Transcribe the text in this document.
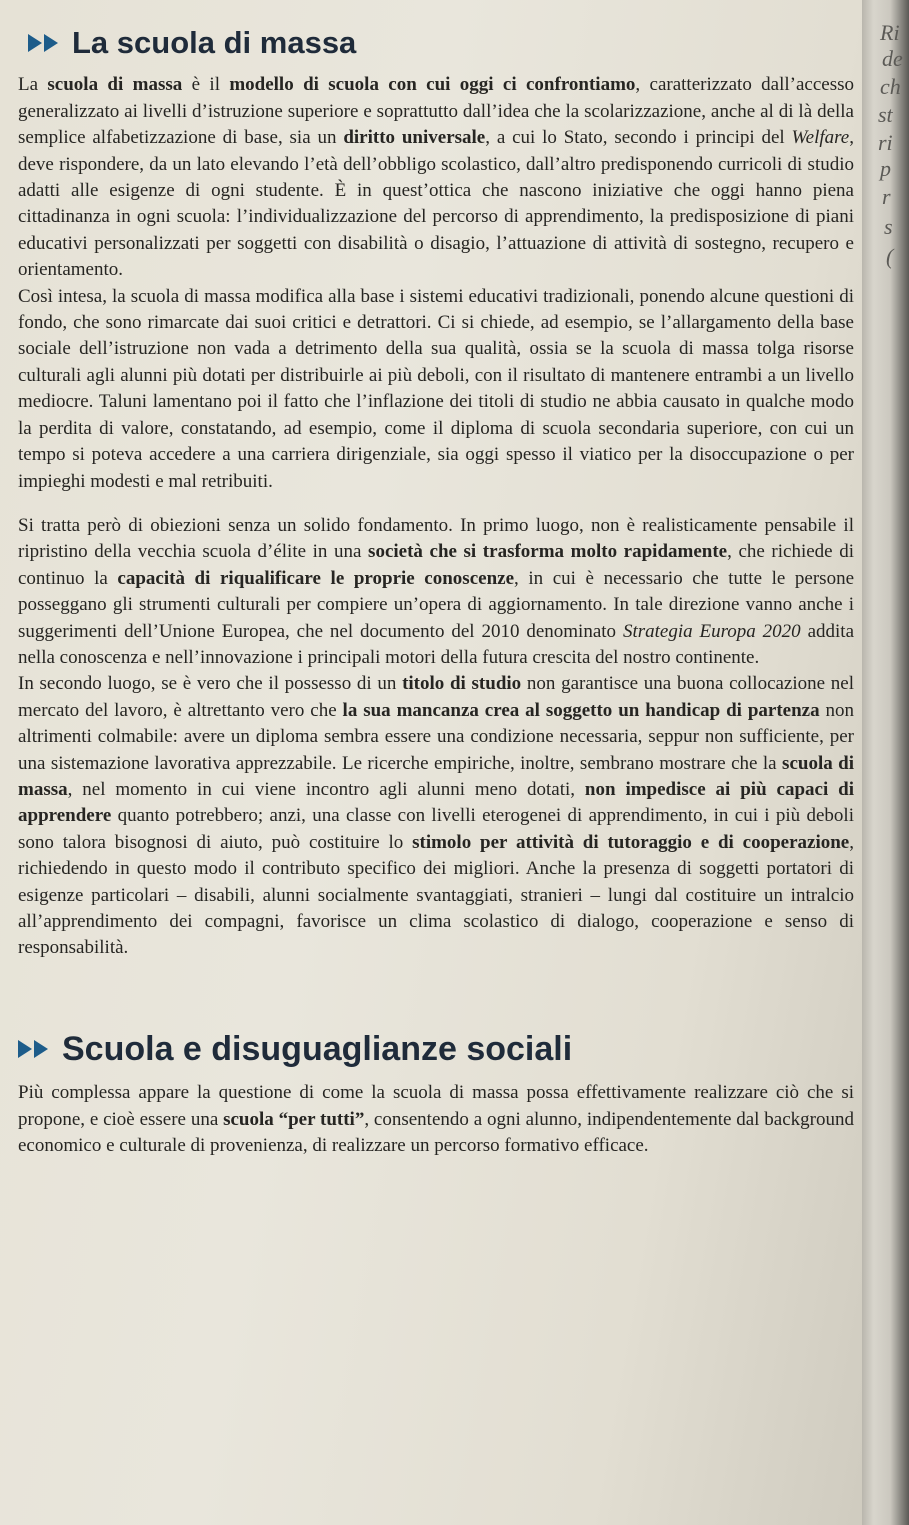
La scuola di massa

La scuola di massa è il modello di scuola con cui oggi ci confrontiamo, caratterizzato dall’accesso generalizzato ai livelli d’istruzione superiore e soprattutto dall’idea che la scolarizzazione, anche al di là della semplice alfabetizzazione di base, sia un diritto universale, a cui lo Stato, secondo i principi del Welfare, deve rispondere, da un lato elevando l’età dell’obbligo scolastico, dall’altro predisponendo curricoli di studio adatti alle esigenze di ogni studente. È in quest’ottica che nascono iniziative che oggi hanno piena cittadinanza in ogni scuola: l’individualizzazione del percorso di apprendimento, la predisposizione di piani educativi personalizzati per soggetti con disabilità o disagio, l’attuazione di attività di sostegno, recupero e orientamento.

Così intesa, la scuola di massa modifica alla base i sistemi educativi tradizionali, ponendo alcune questioni di fondo, che sono rimarcate dai suoi critici e detrattori. Ci si chiede, ad esempio, se l’allargamento della base sociale dell’istruzione non vada a detrimento della sua qualità, ossia se la scuola di massa tolga risorse culturali agli alunni più dotati per distribuirle ai più deboli, con il risultato di mantenere entrambi a un livello mediocre. Taluni lamentano poi il fatto che l’inflazione dei titoli di studio ne abbia causato in qualche modo la perdita di valore, constatando, ad esempio, come il diploma di scuola secondaria superiore, con cui un tempo si poteva accedere a una carriera dirigenziale, sia oggi spesso il viatico per la disoccupazione o per impieghi modesti e mal retribuiti.

Si tratta però di obiezioni senza un solido fondamento. In primo luogo, non è realisticamente pensabile il ripristino della vecchia scuola d’élite in una società che si trasforma molto rapidamente, che richiede di continuo la capacità di riqualificare le proprie conoscenze, in cui è necessario che tutte le persone posseggano gli strumenti culturali per compiere un’opera di aggiornamento. In tale direzione vanno anche i suggerimenti dell’Unione Europea, che nel documento del 2010 denominato Strategia Europa 2020 addita nella conoscenza e nell’innovazione i principali motori della futura crescita del nostro continente.

In secondo luogo, se è vero che il possesso di un titolo di studio non garantisce una buona collocazione nel mercato del lavoro, è altrettanto vero che la sua mancanza crea al soggetto un handicap di partenza non altrimenti colmabile: avere un diploma sembra essere una condizione necessaria, seppur non sufficiente, per una sistemazione lavorativa apprezzabile. Le ricerche empiriche, inoltre, sembrano mostrare che la scuola di massa, nel momento in cui viene incontro agli alunni meno dotati, non impedisce ai più capaci di apprendere quanto potrebbero; anzi, una classe con livelli eterogenei di apprendimento, in cui i più deboli sono talora bisognosi di aiuto, può costituire lo stimolo per attività di tutoraggio e di cooperazione, richiedendo in questo modo il contributo specifico dei migliori. Anche la presenza di soggetti portatori di esigenze particolari – disabili, alunni socialmente svantaggiati, stranieri – lungi dal costituire un intralcio all’apprendimento dei compagni, favorisce un clima scolastico di dialogo, cooperazione e senso di responsabilità.

Scuola e disuguaglianze sociali

Più complessa appare la questione di come la scuola di massa possa effettivamente realizzare ciò che si propone, e cioè essere una scuola “per tutti”, consentendo a ogni alunno, indipendentemente dal background economico e culturale di provenienza, di realizzare un percorso formativo efficace.

Ri
de
ch
st
ri
p
r
s
(
